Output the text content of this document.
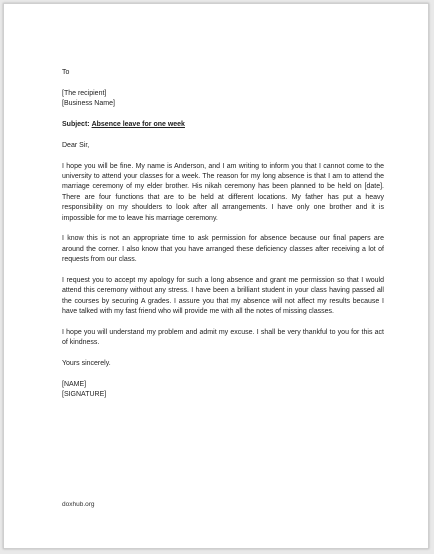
To

[The recipient]

[Business Name]

Subject: Absence leave for one week

Dear Sir,

I hope you will be fine. My name is Anderson, and I am writing to inform you that I cannot come to the university to attend your classes for a week. The reason for my long absence is that I am to attend the marriage ceremony of my elder brother. His nikah ceremony has been planned to be held on [date]. There are four functions that are to be held at different locations. My father has put a heavy responsibility on my shoulders to look after all arrangements. I have only one brother and it is impossible for me to leave his marriage ceremony.

I know this is not an appropriate time to ask permission for absence because our final papers are around the corner. I also know that you have arranged these deficiency classes after receiving a lot of requests from our class.

I request you to accept my apology for such a long absence and grant me permission so that I would attend this ceremony without any stress. I have been a brilliant student in your class having passed all the courses by securing A grades. I assure you that my absence will not affect my results because I have talked with my fast friend who will provide me with all the notes of missing classes.

I hope you will understand my problem and admit my excuse. I shall be very thankful to you for this act of kindness.

Yours sincerely.

[NAME]

[SIGNATURE]

doxhub.org
